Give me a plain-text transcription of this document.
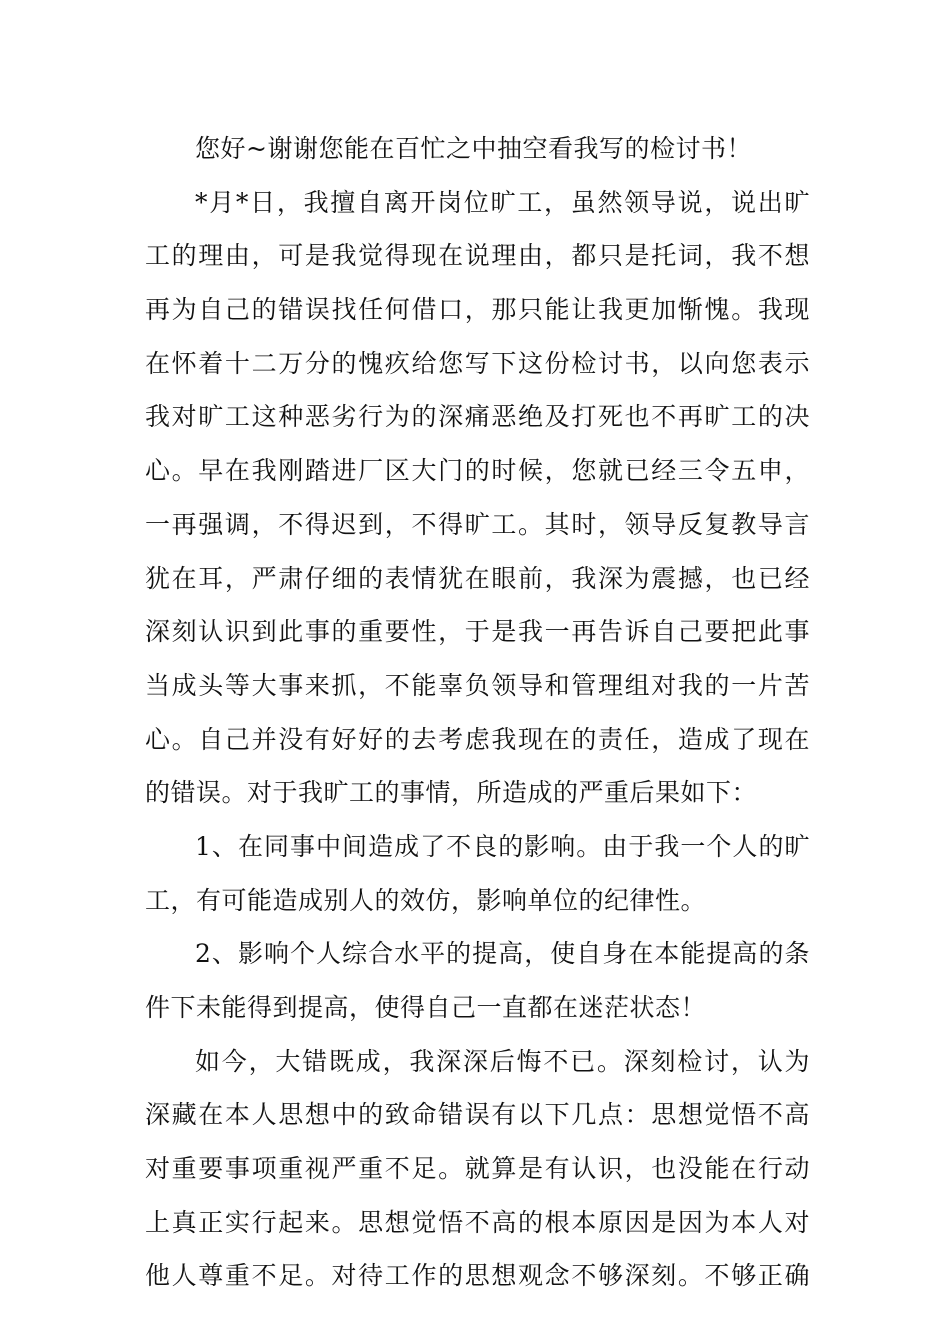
您好~谢谢您能在百忙之中抽空看我写的检讨书！
*月*日，我擅自离开岗位旷工，虽然领导说，说出旷
工的理由，可是我觉得现在说理由，都只是托词，我不想
再为自己的错误找任何借口，那只能让我更加惭愧。我现
在怀着十二万分的愧疚给您写下这份检讨书，以向您表示
我对旷工这种恶劣行为的深痛恶绝及打死也不再旷工的决
心。早在我刚踏进厂区大门的时候，您就已经三令五申，
一再强调，不得迟到，不得旷工。其时，领导反复教导言
犹在耳，严肃仔细的表情犹在眼前，我深为震撼，也已经
深刻认识到此事的重要性，于是我一再告诉自己要把此事
当成头等大事来抓，不能辜负领导和管理组对我的一片苦
心。自己并没有好好的去考虑我现在的责任，造成了现在
的错误。对于我旷工的事情，所造成的严重后果如下：
1、在同事中间造成了不良的影响。由于我一个人的旷
工，有可能造成别人的效仿，影响单位的纪律性。
2、影响个人综合水平的提高，使自身在本能提高的条
件下未能得到提高，使得自己一直都在迷茫状态！
如今，大错既成，我深深后悔不已。深刻检讨，认为
深藏在本人思想中的致命错误有以下几点：思想觉悟不高
对重要事项重视严重不足。就算是有认识，也没能在行动
上真正实行起来。思想觉悟不高的根本原因是因为本人对
他人尊重不足。对待工作的思想观念不够深刻。不够正确
